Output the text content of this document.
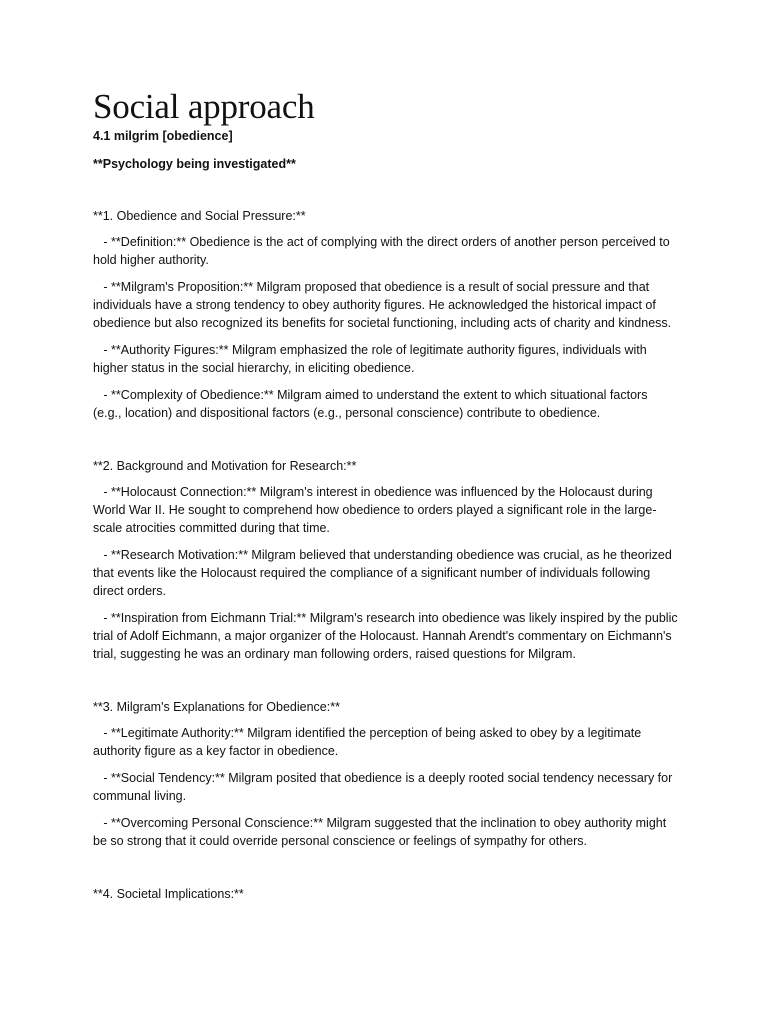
Social approach

4.1 milgrim [obedience]

**Psychology being investigated**

**1. Obedience and Social Pressure:**

- **Definition:** Obedience is the act of complying with the direct orders of another person perceived to hold higher authority.

- **Milgram's Proposition:** Milgram proposed that obedience is a result of social pressure and that individuals have a strong tendency to obey authority figures. He acknowledged the historical impact of obedience but also recognized its benefits for societal functioning, including acts of charity and kindness.

- **Authority Figures:** Milgram emphasized the role of legitimate authority figures, individuals with higher status in the social hierarchy, in eliciting obedience.

- **Complexity of Obedience:** Milgram aimed to understand the extent to which situational factors (e.g., location) and dispositional factors (e.g., personal conscience) contribute to obedience.

**2. Background and Motivation for Research:**

- **Holocaust Connection:** Milgram's interest in obedience was influenced by the Holocaust during World War II. He sought to comprehend how obedience to orders played a significant role in the large-scale atrocities committed during that time.

- **Research Motivation:** Milgram believed that understanding obedience was crucial, as he theorized that events like the Holocaust required the compliance of a significant number of individuals following direct orders.

- **Inspiration from Eichmann Trial:** Milgram's research into obedience was likely inspired by the public trial of Adolf Eichmann, a major organizer of the Holocaust. Hannah Arendt's commentary on Eichmann's trial, suggesting he was an ordinary man following orders, raised questions for Milgram.

**3. Milgram's Explanations for Obedience:**

- **Legitimate Authority:** Milgram identified the perception of being asked to obey by a legitimate authority figure as a key factor in obedience.

- **Social Tendency:** Milgram posited that obedience is a deeply rooted social tendency necessary for communal living.

- **Overcoming Personal Conscience:** Milgram suggested that the inclination to obey authority might be so strong that it could override personal conscience or feelings of sympathy for others.

**4. Societal Implications:**
